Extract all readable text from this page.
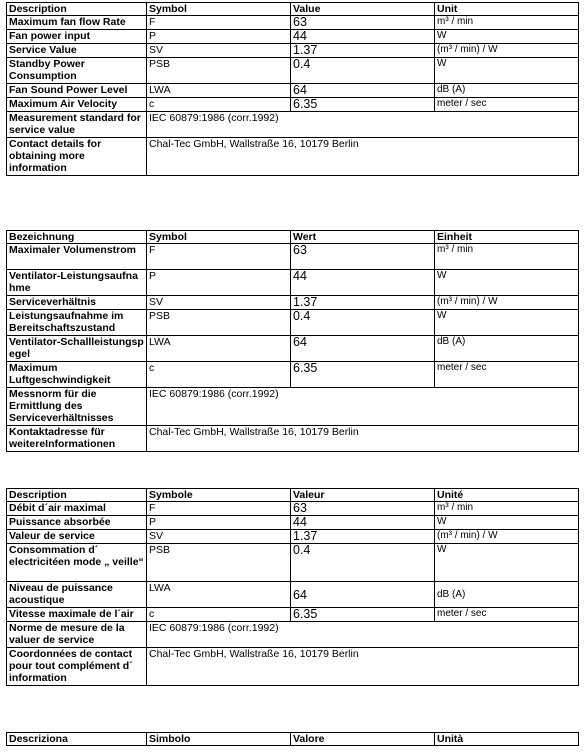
Description	Symbol	Value	Unit
Maximum fan flow Rate	F	63	m³ / min
Fan power input	P	44	W
Service Value	SV	1.37	(m³ / min) / W
Standby Power Consumption	PSB	0.4	W
Fan Sound Power Level	LWA	64	dB (A)
Maximum Air Velocity	c	6.35	meter / sec
Measurement standard for service value	IEC 60879:1986 (corr.1992)		
Contact details for obtaining more information	Chal-Tec GmbH, Wallstraße 16, 10179 Berlin		
Bezeichnung	Symbol	Wert	Einheit
Maximaler Volumenstrom	F	63	m³ / min
Ventilator-Leistungsaufnahme	P	44	W
Serviceverhältnis	SV	1.37	(m³ / min) / W
Leistungsaufnahme im Bereitschaftszustand	PSB	0.4	W
Ventilator-Schallleistungspegel	LWA	64	dB (A)
Maximum Luftgeschwindigkeit	c	6.35	meter / sec
Messnorm für die Ermittlung des Serviceverhältnisses	IEC 60879:1986 (corr.1992)		
Kontaktadresse für weitereInformationen	Chal-Tec GmbH, Wallstraße 16, 10179 Berlin		
Description	Symbole	Valeur	Unité
Débit d´air maximal	F	63	m³ / min
Puissance absorbée	P	44	W
Valeur de service	SV	1.37	(m³ / min) / W
Consommation d´ electricitéen mode „ veille“	PSB	0.4	W
Niveau de puissance acoustique	LWA	64	dB (A)
Vitesse maximale de l´air	c	6.35	meter / sec
Norme de mesure de la valuer de service	IEC 60879:1986 (corr.1992)		
Coordonnées de contact pour tout complément d´ information	Chal-Tec GmbH, Wallstraße 16, 10179 Berlin		
Descriziona	Simbolo	Valore	Unità
